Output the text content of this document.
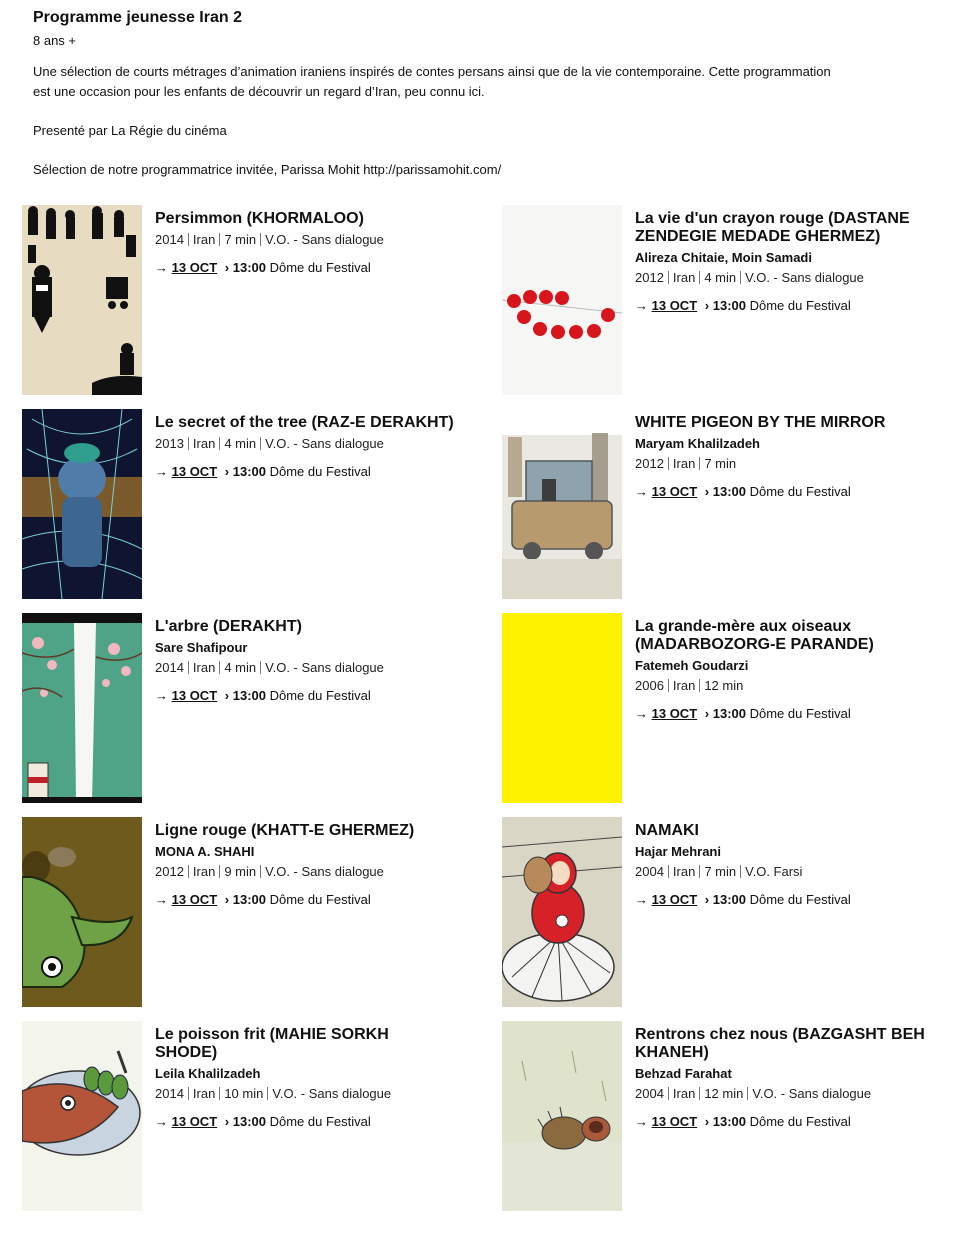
Programme jeunesse Iran 2
8 ans +
Une sélection de courts métrages d’animation iraniens inspirés de contes persans ainsi que de la vie contemporaine. Cette programmation est une occasion pour les enfants de découvrir un regard d’Iran, peu connu ici.
Presenté par La Régie du cinéma
Sélection de notre programmatrice invitée, Parissa Mohit http://parissamohit.com/
Persimmon (KHORMALOO)
2014 Iran 7 min V.O. - Sans dialogue
→ 13 OCT › 13:00 Dôme du Festival
La vie d'un crayon rouge (DASTANE ZENDEGIE MEDADE GHERMEZ)
Alireza Chitaie, Moin Samadi
2012 Iran 4 min V.O. - Sans dialogue
→ 13 OCT › 13:00 Dôme du Festival
Le secret of the tree (RAZ-E DERAKHT)
2013 Iran 4 min V.O. - Sans dialogue
→ 13 OCT › 13:00 Dôme du Festival
WHITE PIGEON BY THE MIRROR
Maryam Khalilzadeh
2012 Iran 7 min
→ 13 OCT › 13:00 Dôme du Festival
L'arbre (DERAKHT)
Sare Shafipour
2014 Iran 4 min V.O. - Sans dialogue
→ 13 OCT › 13:00 Dôme du Festival
La grande-mère aux oiseaux (MADARBOZORG-E PARANDE)
Fatemeh Goudarzi
2006 Iran 12 min
→ 13 OCT › 13:00 Dôme du Festival
Ligne rouge (KHATT-E GHERMEZ)
MONA A. SHAHI
2012 Iran 9 min V.O. - Sans dialogue
→ 13 OCT › 13:00 Dôme du Festival
NAMAKI
Hajar Mehrani
2004 Iran 7 min V.O. Farsi
→ 13 OCT › 13:00 Dôme du Festival
Le poisson frit (MAHIE SORKH SHODE)
Leila Khalilzadeh
2014 Iran 10 min V.O. - Sans dialogue
→ 13 OCT › 13:00 Dôme du Festival
Rentrons chez nous (BAZGASHT BEH KHANEH)
Behzad Farahat
2004 Iran 12 min V.O. - Sans dialogue
→ 13 OCT › 13:00 Dôme du Festival
